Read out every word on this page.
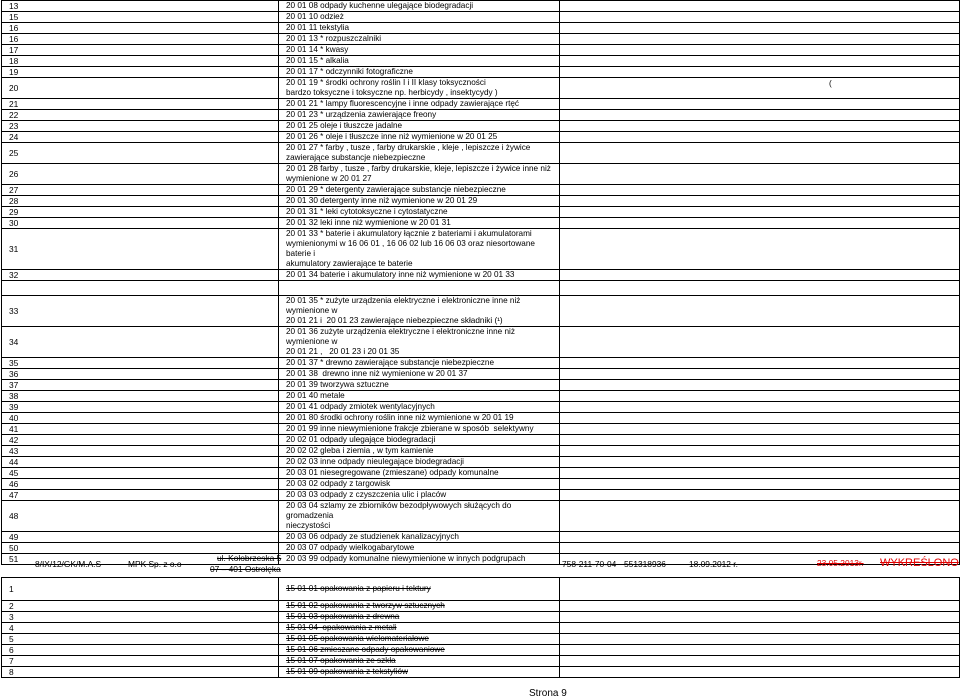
13	20 01 08 odpady kuchenne ulegające biodegradacji	

15	20 01 10 odzież	

16	20 01 11 tekstylia	

16	20 01 13 * rozpuszczalniki	

17	20 01 14 * kwasy	

18	20 01 15 * alkalia	

19	20 01 17 * odczynniki fotograficzne	

20	20 01 19 * środki ochrony roślin I i II klasy toksyczności
bardzo toksyczne i toksyczne np. herbicydy , insektycydy )
(	

21	20 01 21 * lampy fluorescencyjne i inne odpady zawierające rtęć	

22	20 01 23 * urządzenia zawierające freony	

23	20 01 25 oleje i tłuszcze jadalne	

24	20 01 26 * oleje i tłuszcze inne niż wymienione w 20 01 25	

25	20 01 27 * farby , tusze , farby drukarskie , kleje , lepiszcze i żywice
zawierające substancje niebezpieczne	

26	20 01 28 farby , tusze , farby drukarskie, kleje, lepiszcze i żywice inne niż
wymienione w 20 01 27	

27	20 01 29 * detergenty zawierające substancje niebezpieczne	

28	20 01 30 detergenty inne niż wymienione w 20 01 29	

29	20 01 31 * leki cytotoksyczne i cytostatyczne	

30	20 01 32 leki inne niż wymienione w 20 01 31	

31	20 01 33 * baterie i akumulatory łącznie z bateriami i akumulatorami
wymienionymi w 16 06 01 , 16 06 02 lub 16 06 03 oraz niesortowane baterie i
akumulatory zawierające te baterie	

32	20 01 34 baterie i akumulatory inne niż wymienione w 20 01 33	

33	20 01 35 * zużyte urządzenia elektryczne i elektroniczne inne niż wymienione w
20 01 21 i  20 01 23 zawierające niebezpieczne składniki (¹)	

34	20 01 36 zużyte urządzenia elektryczne i elektroniczne inne niż wymienione w
20 01 21 ,   20 01 23 i 20 01 35	

35	20 01 37 * drewno zawierające substancje niebezpieczne	

36	20 01 38  drewno inne niż wymienione w 20 01 37	

37	20 01 39 tworzywa sztuczne	

38	20 01 40 metale	

39	20 01 41 odpady zmiotek wentylacyjnych	

40	20 01 80 środki ochrony roślin inne niż wymienione w 20 01 19	

41	20 01 99 inne niewymienione frakcje zbierane w sposób  selektywny	

42	20 02 01 odpady ulegające biodegradacji	

43	20 02 02 gleba i ziemia , w tym kamienie	

44	20 02 03 inne odpady nieulegające biodegradacji	

45	20 03 01 niesegregowane (zmieszane) odpady komunalne	

46	20 03 02 odpady z targowisk	

47	20 03 03 odpady z czyszczenia ulic i placów	

48	20 03 04 szlamy ze zbiorników bezodpływowych służących do gromadzenia
nieczystości	

49	20 03 06 odpady ze studzienek kanalizacyjnych	

50	20 03 07 odpady wielkogabarytowe	

51	20 03 99 odpady komunalne niewymienione w innych podgrupach	

1	15 01 01 opakowania z papieru i tektury	

2	15 01 02 opakowania z tworzyw sztucznych	

3	15 01 03 opakowania z drewna	

4	15 01 04  opakowania z metali	

5	15 01 05 opakowania wielomateriałowe	

6	15 01 06 zmieszane odpady opakowaniowe	

7	15 01 07 opakowania ze szkła	

8	15 01 09 opakowania z tekstyliów	

8/IX/12/GK/M.A.S	MPK Sp. z o.o
ul. Kołobrzeska 5
07 – 401 Ostrołęka	758-211-70-04 551318936	18.09.2012 r.	23.05.2013r. WYKREŚLONO
Strona 9
